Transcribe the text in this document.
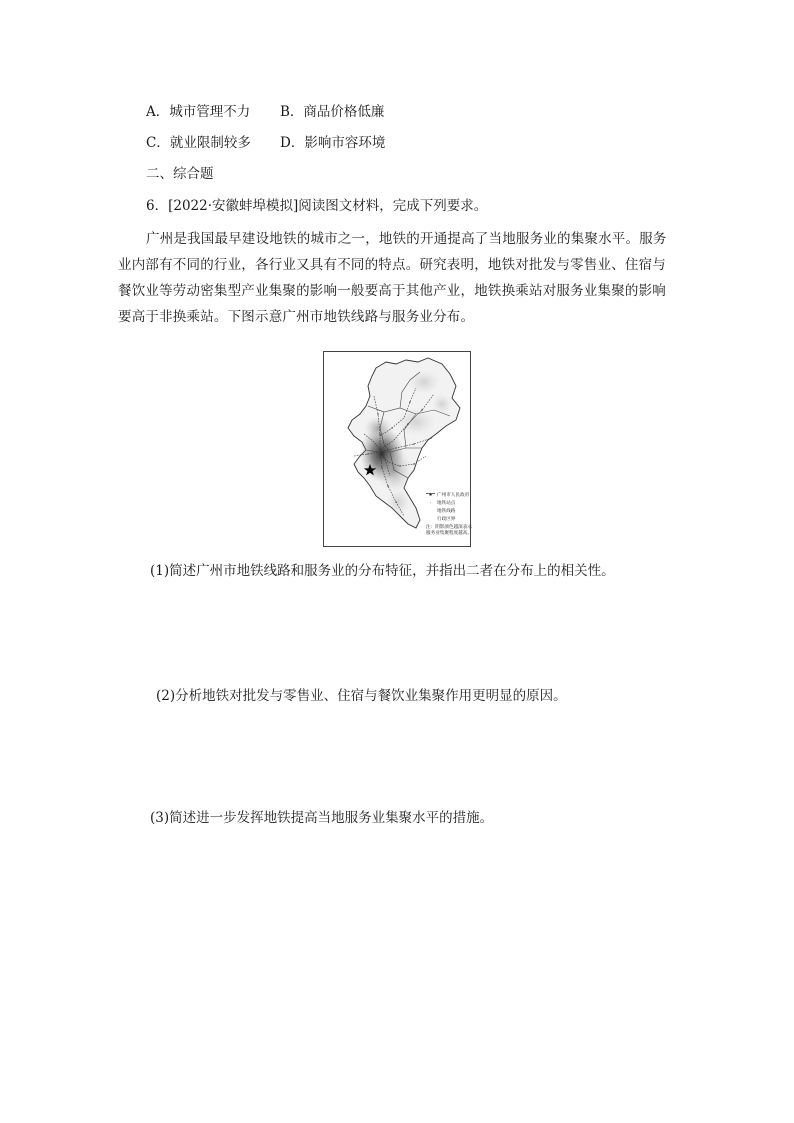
A．城市管理不力 B．商品价格低廉
C．就业限制较多 D．影响市容环境
二、综合题
6．[2022·安徽蚌埠模拟]阅读图文材料，完成下列要求。
广州是我国最早建设地铁的城市之一，地铁的开通提高了当地服务业的集聚水平。服务业内部有不同的行业，各行业又具有不同的特点。研究表明，地铁对批发与零售业、住宿与餐饮业等劳动密集型产业集聚的影响一般要高于其他产业，地铁换乘站对服务业集聚的影响要高于非换乘站。下图示意广州市地铁线路与服务业分布。
★ 广州市人民政府
·	地铁站点
地铁线路
行政区界
注：阴影颜色越深表示服务业集聚程度越高。
(1)简述广州市地铁线路和服务业的分布特征，并指出二者在分布上的相关性。
(2)分析地铁对批发与零售业、住宿与餐饮业集聚作用更明显的原因。
(3)简述进一步发挥地铁提高当地服务业集聚水平的措施。
